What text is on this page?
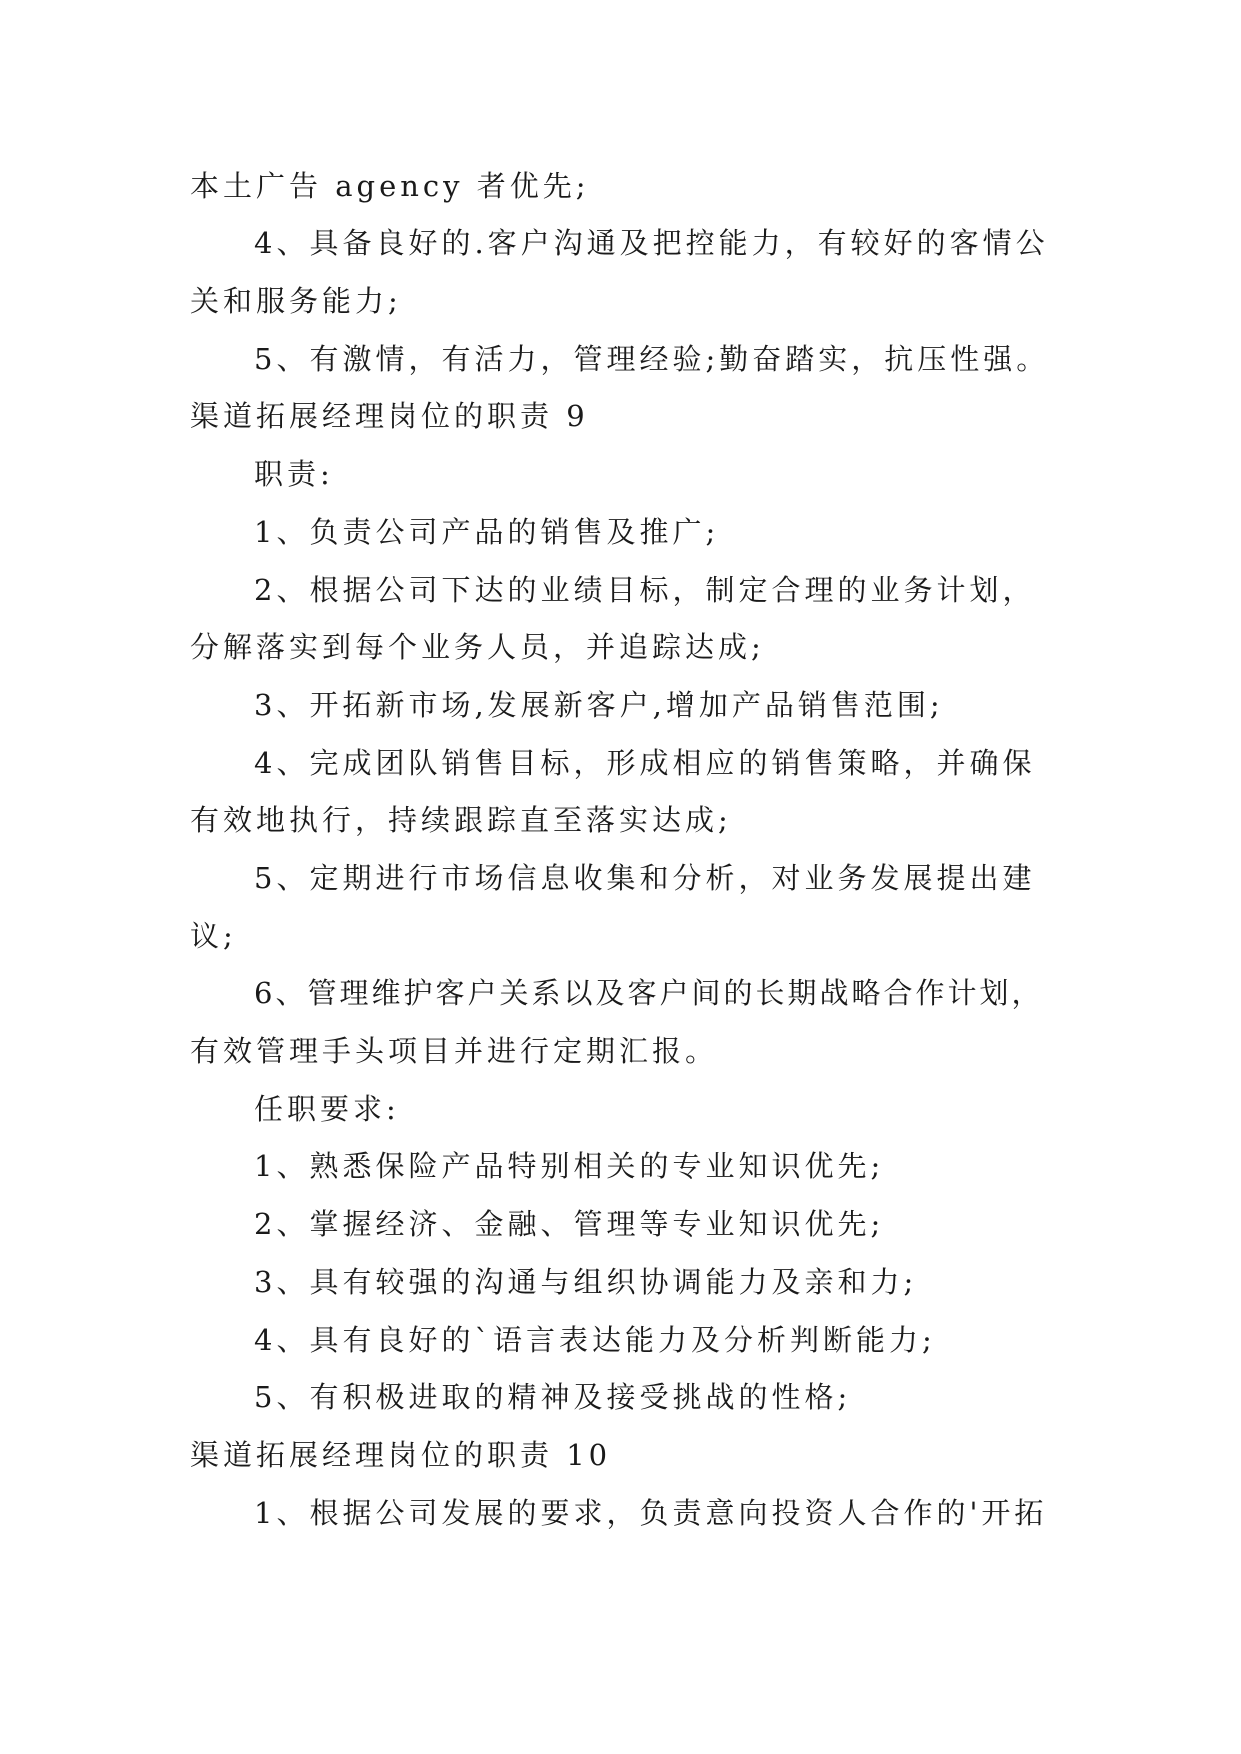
本土广告 agency 者优先;
4、具备良好的.客户沟通及把控能力，有较好的客情公
关和服务能力;
5、有激情，有活力，管理经验;勤奋踏实，抗压性强。
渠道拓展经理岗位的职责 9
职责:
1、负责公司产品的销售及推广;
2、根据公司下达的业绩目标，制定合理的业务计划，
分解落实到每个业务人员，并追踪达成;
3、开拓新市场,发展新客户,增加产品销售范围;
4、完成团队销售目标，形成相应的销售策略，并确保
有效地执行，持续跟踪直至落实达成;
5、定期进行市场信息收集和分析，对业务发展提出建
议;
6、管理维护客户关系以及客户间的长期战略合作计划，
有效管理手头项目并进行定期汇报。
任职要求:
1、熟悉保险产品特别相关的专业知识优先;
2、掌握经济、金融、管理等专业知识优先;
3、具有较强的沟通与组织协调能力及亲和力;
4、具有良好的`语言表达能力及分析判断能力;
5、有积极进取的精神及接受挑战的性格;
渠道拓展经理岗位的职责 10
1、根据公司发展的要求，负责意向投资人合作的'开拓
